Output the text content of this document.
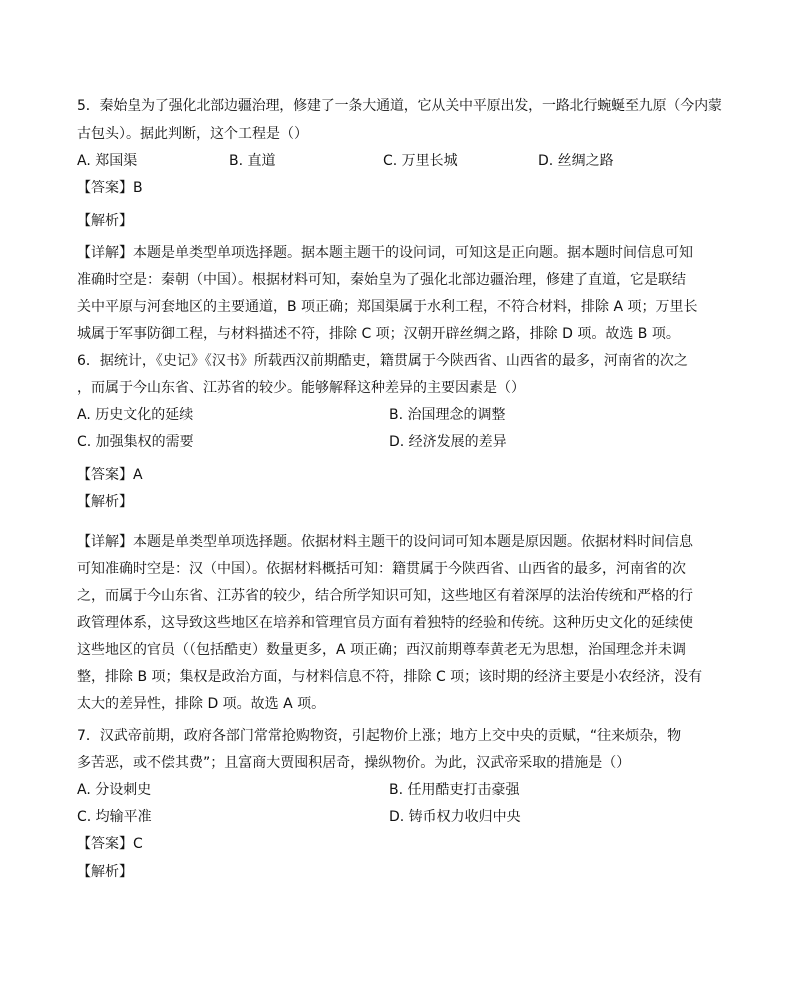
5．秦始皇为了强化北部边疆治理，修建了一条大通道，它从关中平原出发，一路北行蜿蜒至九原（今内蒙
古包头）。据此判断，这个工程是（）
A. 郑国渠	B. 直道	C. 万里长城	D. 丝绸之路
【答案】B
【解析】
【详解】本题是单类型单项选择题。据本题主题干的设问词，可知这是正向题。据本题时间信息可知
准确时空是：秦朝（中国）。根据材料可知，秦始皇为了强化北部边疆治理，修建了直道，它是联结
关中平原与河套地区的主要通道，B 项正确；郑国渠属于水利工程，不符合材料，排除 A 项；万里长
城属于军事防御工程，与材料描述不符，排除 C 项；汉朝开辟丝绸之路，排除 D 项。故选 B 项。
6．据统计，《史记》《汉书》所载西汉前期酷吏，籍贯属于今陕西省、山西省的最多，河南省的次之
，而属于今山东省、江苏省的较少。能够解释这种差异的主要因素是（）
A. 历史文化的延续	B. 治国理念的调整
C. 加强集权的需要	D. 经济发展的差异
【答案】A
【解析】
【详解】本题是单类型单项选择题。依据材料主题干的设问词可知本题是原因题。依据材料时间信息
可知准确时空是：汉（中国）。依据材料概括可知：籍贯属于今陕西省、山西省的最多，河南省的次
之，而属于今山东省、江苏省的较少，结合所学知识可知，这些地区有着深厚的法治传统和严格的行
政管理体系，这导致这些地区在培养和管理官员方面有着独特的经验和传统。这种历史文化的延续使
这些地区的官员（（包括酷吏）数量更多，A 项正确；西汉前期尊奉黄老无为思想，治国理念并未调
整，排除 B 项；集权是政治方面，与材料信息不符，排除 C 项；该时期的经济主要是小农经济，没有
太大的差异性，排除 D 项。故选 A 项。
7．汉武帝前期，政府各部门常常抢购物资，引起物价上涨；地方上交中央的贡赋，“往来烦杂，物
多苦恶，或不偿其费”；且富商大贾囤积居奇，操纵物价。为此，汉武帝采取的措施是（）
A. 分设刺史	B. 任用酷吏打击豪强
C. 均输平准	D. 铸币权力收归中央
【答案】C
【解析】
